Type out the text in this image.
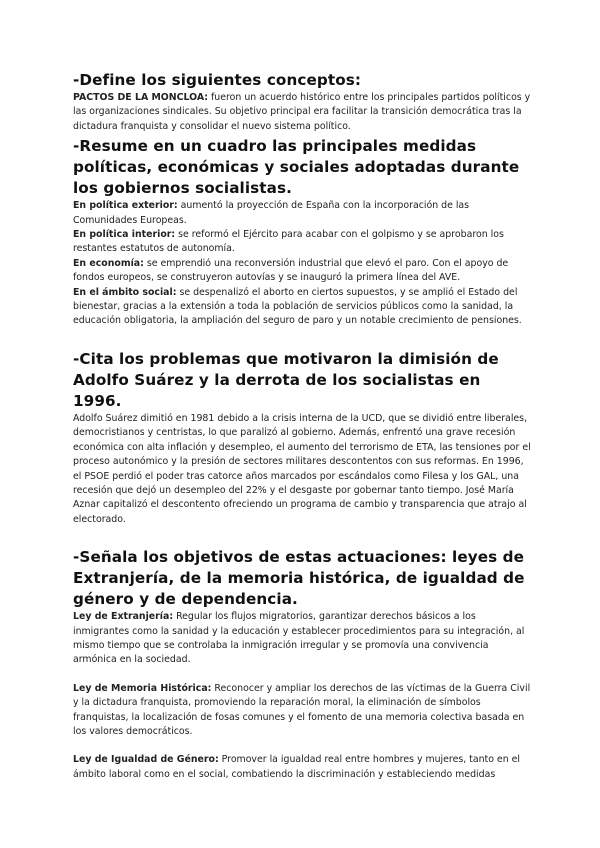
-Define los siguientes conceptos:

PACTOS DE LA MONCLOA: fueron un acuerdo histórico entre los principales partidos políticos y las organizaciones sindicales. Su objetivo principal era facilitar la transición democrática tras la dictadura franquista y consolidar el nuevo sistema político.

-Resume en un cuadro las principales medidas políticas, económicas y sociales adoptadas durante los gobiernos socialistas.

En política exterior: aumentó la proyección de España con la incorporación de las Comunidades Europeas.

En política interior: se reformó el Ejército para acabar con el golpismo y se aprobaron los restantes estatutos de autonomía.

En economía: se emprendió una reconversión industrial que elevó el paro. Con el apoyo de fondos europeos, se construyeron autovías y se inauguró la primera línea del AVE.

En el ámbito social: se despenalizó el aborto en ciertos supuestos, y se amplió el Estado del bienestar, gracias a la extensión a toda la población de servicios públicos como la sanidad, la educación obligatoria, la ampliación del seguro de paro y un notable crecimiento de pensiones.

-Cita los problemas que motivaron la dimisión de Adolfo Suárez y la derrota de los socialistas en 1996.

Adolfo Suárez dimitió en 1981 debido a la crisis interna de la UCD, que se dividió entre liberales, democristianos y centristas, lo que paralizó al gobierno. Además, enfrentó una grave recesión económica con alta inflación y desempleo, el aumento del terrorismo de ETA, las tensiones por el proceso autonómico y la presión de sectores militares descontentos con sus reformas. En 1996, el PSOE perdió el poder tras catorce años marcados por escándalos como Filesa y los GAL, una recesión que dejó un desempleo del 22% y el desgaste por gobernar tanto tiempo. José María Aznar capitalizó el descontento ofreciendo un programa de cambio y transparencia que atrajo al electorado.

-Señala los objetivos de estas actuaciones: leyes de Extranjería, de la memoria histórica, de igualdad de género y de dependencia.

Ley de Extranjería: Regular los flujos migratorios, garantizar derechos básicos a los inmigrantes como la sanidad y la educación y establecer procedimientos para su integración, al mismo tiempo que se controlaba la inmigración irregular y se promovía una convivencia armónica en la sociedad.

Ley de Memoria Histórica: Reconocer y ampliar los derechos de las víctimas de la Guerra Civil y la dictadura franquista, promoviendo la reparación moral, la eliminación de símbolos franquistas, la localización de fosas comunes y el fomento de una memoria colectiva basada en los valores democráticos.

Ley de Igualdad de Género: Promover la igualdad real entre hombres y mujeres, tanto en el ámbito laboral como en el social, combatiendo la discriminación y estableciendo medidas
